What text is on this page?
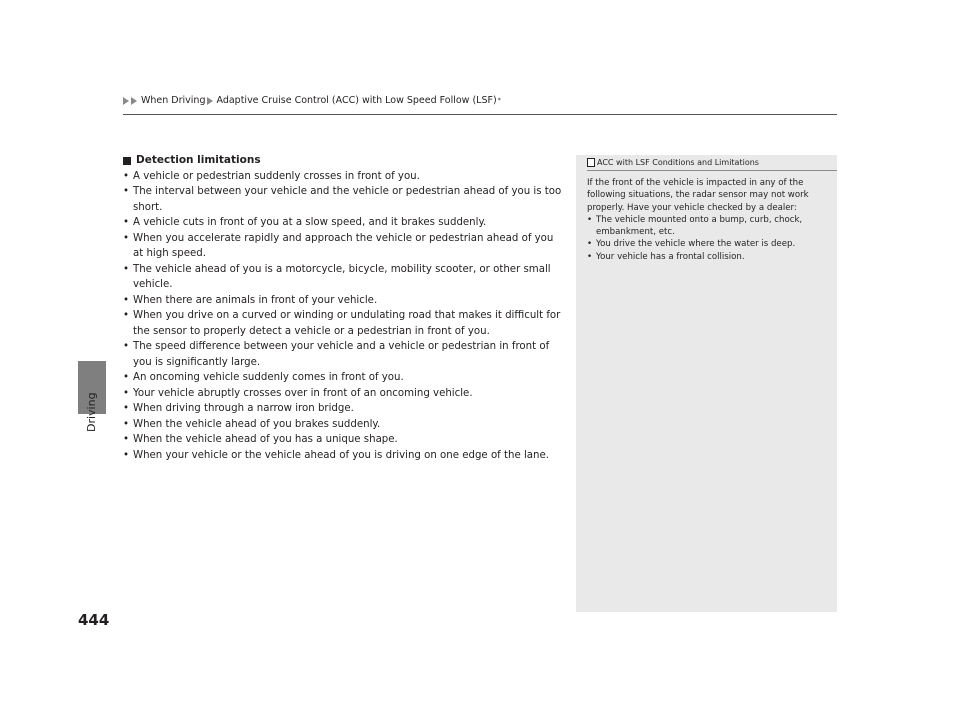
When Driving Adaptive Cruise Control (ACC) with Low Speed Follow (LSF) *
Driving
444
Detection limitations
• A vehicle or pedestrian suddenly crosses in front of you.
• The interval between your vehicle and the vehicle or pedestrian ahead of you is too short.
• A vehicle cuts in front of you at a slow speed, and it brakes suddenly.
• When you accelerate rapidly and approach the vehicle or pedestrian ahead of you at high speed.
• The vehicle ahead of you is a motorcycle, bicycle, mobility scooter, or other small vehicle.
• When there are animals in front of your vehicle.
• When you drive on a curved or winding or undulating road that makes it difficult for the sensor to properly detect a vehicle or a pedestrian in front of you.
• The speed difference between your vehicle and a vehicle or pedestrian in front of you is significantly large.
• An oncoming vehicle suddenly comes in front of you.
• Your vehicle abruptly crosses over in front of an oncoming vehicle.
• When driving through a narrow iron bridge.
• When the vehicle ahead of you brakes suddenly.
• When the vehicle ahead of you has a unique shape.
• When your vehicle or the vehicle ahead of you is driving on one edge of the lane.
ACC with LSF Conditions and Limitations

If the front of the vehicle is impacted in any of the following situations, the radar sensor may not work properly. Have your vehicle checked by a dealer:

• The vehicle mounted onto a bump, curb, chock, embankment, etc.
• You drive the vehicle where the water is deep.
• Your vehicle has a frontal collision.
